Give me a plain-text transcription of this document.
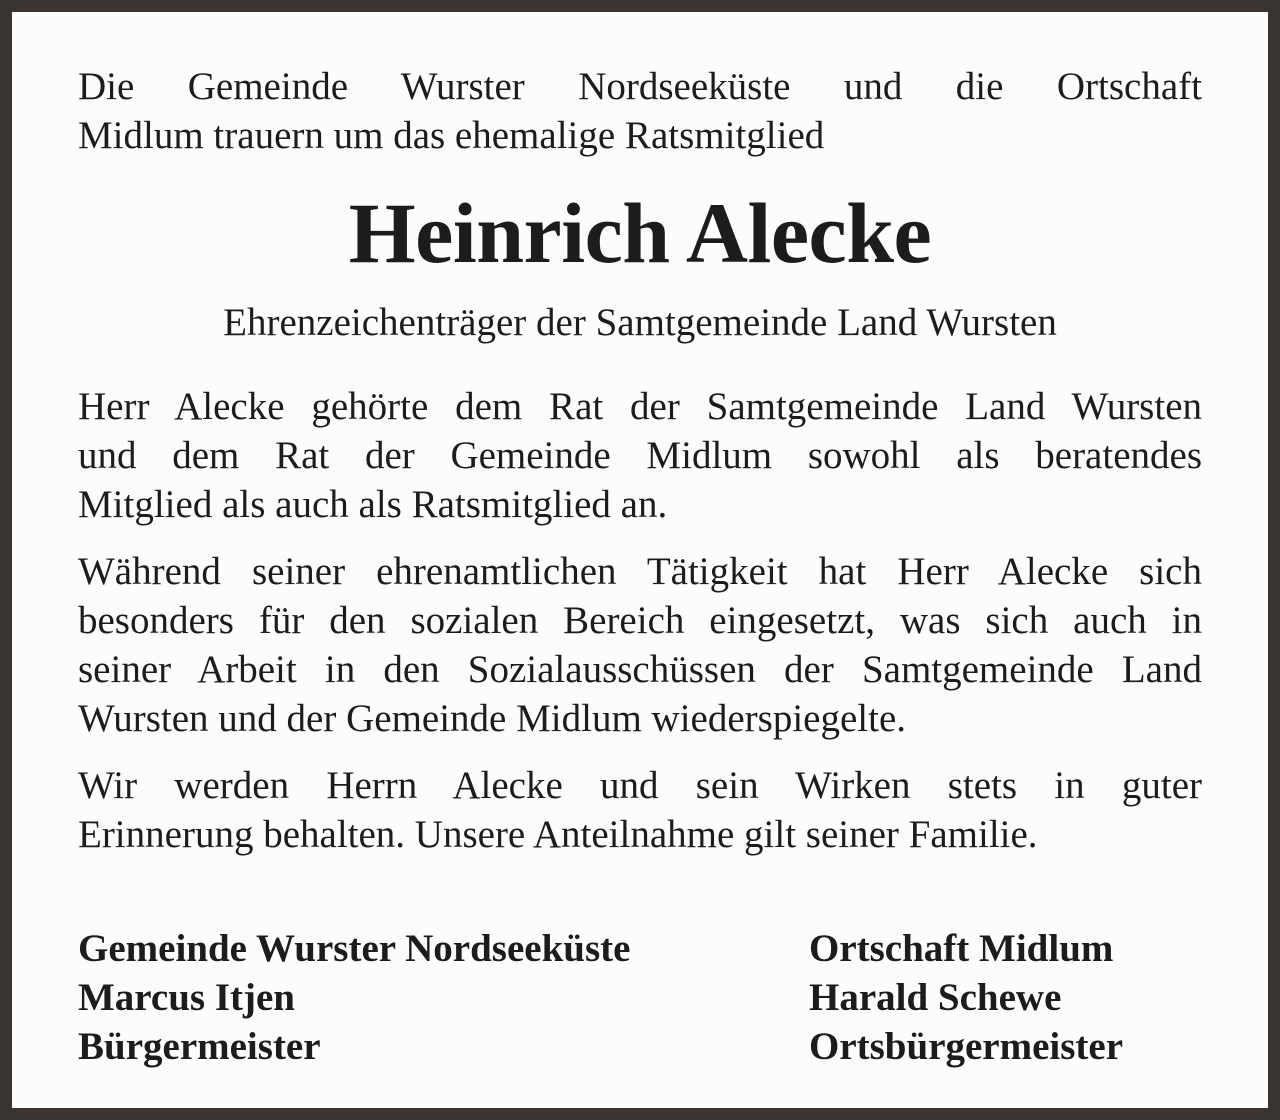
Die Gemeinde Wurster Nordseeküste und die Ortschaft
Midlum trauern um das ehemalige Ratsmitglied

Heinrich Alecke

Ehrenzeichenträger der Samtgemeinde Land Wursten

Herr Alecke gehörte dem Rat der Samtgemeinde Land Wursten
und dem Rat der Gemeinde Midlum sowohl als beratendes
Mitglied als auch als Ratsmitglied an.

Während seiner ehrenamtlichen Tätigkeit hat Herr Alecke sich
besonders für den sozialen Bereich eingesetzt, was sich auch in
seiner Arbeit in den Sozialausschüssen der Samtgemeinde Land
Wursten und der Gemeinde Midlum wiederspiegelte.

Wir werden Herrn Alecke und sein Wirken stets in guter
Erinnerung behalten. Unsere Anteilnahme gilt seiner Familie.

Gemeinde Wurster Nordseeküste
Marcus Itjen
Bürgermeister
Ortschaft Midlum
Harald Schewe
Ortsbürgermeister
